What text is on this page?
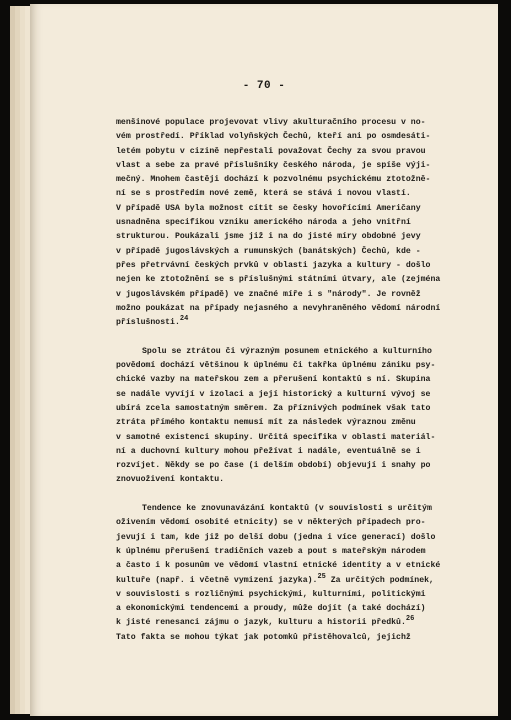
- 70 -
menšinové populace projevovat vlivy akulturačního procesu v no-
vém prostředí. Příklad volyňských Čechů, kteří ani po osmdesáti-
letém pobytu v cizině nepřestali považovat Čechy za svou pravou
vlast a sebe za pravé příslušníky českého národa, je spíše výji-
mečný. Mnohem častěji dochází k pozvolnému psychickému ztotožně-
ní se s prostředím nové země, která se stává i novou vlastí.
V případě USA byla možnost cítit se česky hovořícími Američany
usnadněna specifikou vzniku amerického národa a jeho vnitřní
strukturou. Poukázali jsme již i na do jisté míry obdobné jevy
v případě jugoslávských a rumunských (banátských) Čechů, kde -
přes přetrvávní českých prvků v oblasti jazyka a kultury - došlo
nejen ke ztotožnění se s příslušnými státními útvary, ale (zejména
v jugoslávském případě) ve značné míře i s "národy". Je rovněž
možno poukázat na případy nejasného a nevyhraněného vědomí národní
příslušnosti.$^{24}$
Spolu se ztrátou či výrazným posunem etnického a kulturního
povědomí dochází většinou k úplnému či takřka úplnému zániku psy-
chické vazby na mateřskou zem a přerušení kontaktů s ní. Skupina
se nadále vyvíjí v izolaci a její historický a kulturní vývoj se
ubírá zcela samostatným směrem. Za příznivých podmínek však tato
ztráta přímého kontaktu nemusí mít za následek výraznou změnu
v samotné existenci skupiny. Určitá specifika v oblasti materiál-
ní a duchovní kultury mohou přežívat i nadále, eventuálně se i
rozvíjet. Někdy se po čase (i delším období) objevují i snahy po
znovuoživení kontaktu.
Tendence ke znovunavázání kontaktů (v souvislosti s určitým
oživením vědomí osobité etnicity) se v některých případech pro-
jevují i tam, kde již po delší dobu (jedna i více generací) došlo
k úplnému přerušení tradičních vazeb a pout s mateřským národem
a často i k posunům ve vědomí vlastní etnické identity a v etnické
kultuře (např. i včetně vymizení jazyka).$^{25}$ Za určitých podmínek,
v souvislosti s rozličnými psychickými, kulturními, politickými
a ekonomickými tendencemi a proudy, může dojít (a také dochází)
k jisté renesanci zájmu o jazyk, kulturu a historii předků.$^{26}$
Tato fakta se mohou týkat jak potomků přistěhovalců, jejichž
